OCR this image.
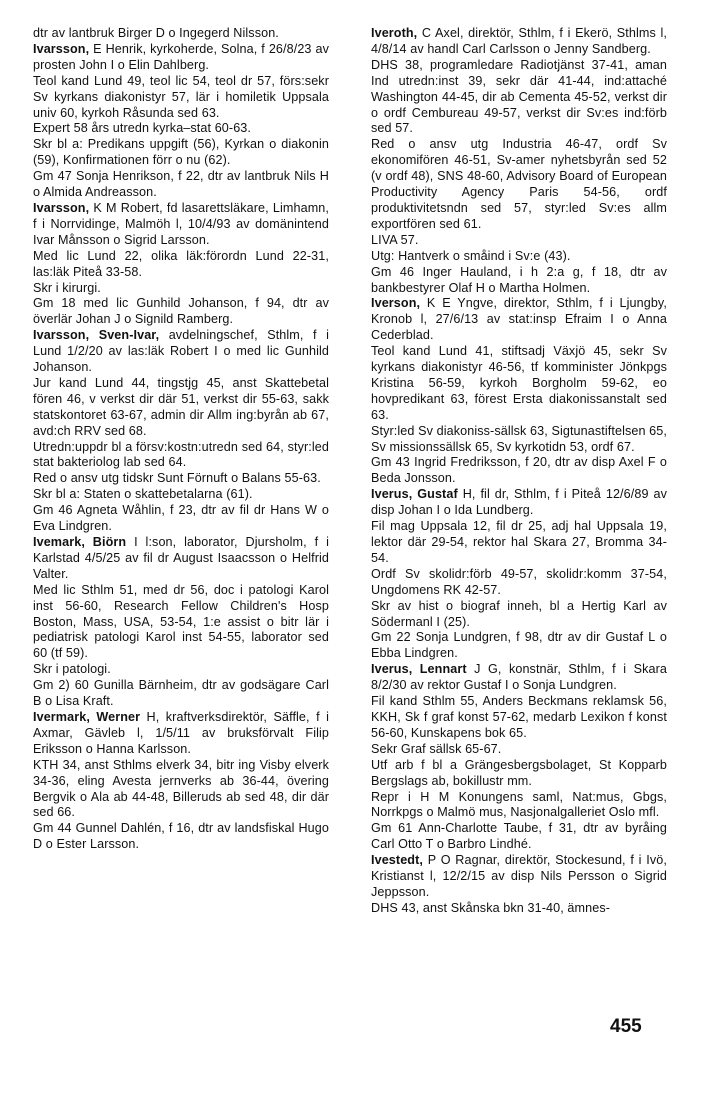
dtr av lantbruk Birger D o Ingegerd Nilsson.

Ivarsson, E Henrik, kyrkoherde, Solna, f 26/8/23 av prosten John I o Elin Dahlberg.

Teol kand Lund 49, teol lic 54, teol dr 57, förs:sekr Sv kyrkans diakonistyr 57, lär i homiletik Uppsala univ 60, kyrkoh Råsunda sed 63.

Expert 58 års utredn kyrka–stat 60-63.

Skr bl a: Predikans uppgift (56), Kyrkan o diakonin (59), Konfirmationen förr o nu (62).

Gm 47 Sonja Henrikson, f 22, dtr av lantbruk Nils H o Almida Andreasson.

Ivarsson, K M Robert, fd lasarettsläkare, Limhamn, f i Norrvidinge, Malmöh l, 10/4/93 av domänintend Ivar Månsson o Sigrid Larsson.

Med lic Lund 22, olika läk:förordn Lund 22-31, las:läk Piteå 33-58.

Skr i kirurgi.

Gm 18 med lic Gunhild Johanson, f 94, dtr av överlär Johan J o Signild Ramberg.

Ivarsson, Sven-Ivar, avdelningschef, Sthlm, f i Lund 1/2/20 av las:läk Robert I o med lic Gunhild Johanson.

Jur kand Lund 44, tingstjg 45, anst Skattebetal fören 46, v verkst dir där 51, verkst dir 55-63, sakk statskontoret 63-67, admin dir Allm ing:byrån ab 67, avd:ch RRV sed 68.

Utredn:uppdr bl a försv:kostn:utredn sed 64, styr:led stat bakteriolog lab sed 64.

Red o ansv utg tidskr Sunt Förnuft o Balans 55-63.

Skr bl a: Staten o skattebetalarna (61).

Gm 46 Agneta Wåhlin, f 23, dtr av fil dr Hans W o Eva Lindgren.

Ivemark, Biörn I l:son, laborator, Djursholm, f i Karlstad 4/5/25 av fil dr August Isaacsson o Helfrid Valter.

Med lic Sthlm 51, med dr 56, doc i patologi Karol inst 56-60, Research Fellow Children's Hosp Boston, Mass, USA, 53-54, 1:e assist o bitr lär i pediatrisk patologi Karol inst 54-55, laborator sed 60 (tf 59).

Skr i patologi.

Gm 2) 60 Gunilla Bärnheim, dtr av godsägare Carl B o Lisa Kraft.

Ivermark, Werner H, kraftverksdirektör, Säffle, f i Axmar, Gävleb l, 1/5/11 av bruksförvalt Filip Eriksson o Hanna Karlsson.

KTH 34, anst Sthlms elverk 34, bitr ing Visby elverk 34-36, eling Avesta jernverks ab 36-44, övering Bergvik o Ala ab 44-48, Billeruds ab sed 48, dir där sed 66.

Gm 44 Gunnel Dahlén, f 16, dtr av landsfiskal Hugo D o Ester Larsson.

Iveroth, C Axel, direktör, Sthlm, f i Ekerö, Sthlms l, 4/8/14 av handl Carl Carlsson o Jenny Sandberg.

DHS 38, programledare Radiotjänst 37-41, aman Ind utredn:inst 39, sekr där 41-44, ind:attaché Washington 44-45, dir ab Cementa 45-52, verkst dir o ordf Cembureau 49-57, verkst dir Sv:es ind:förb sed 57.

Red o ansv utg Industria 46-47, ordf Sv ekonomifören 46-51, Sv-amer nyhetsbyrån sed 52 (v ordf 48), SNS 48-60, Advisory Board of European Productivity Agency Paris 54-56, ordf produktivitetsndn sed 57, styr:led Sv:es allm exportfören sed 61.

LIVA 57.

Utg: Hantverk o småind i Sv:e (43).

Gm 46 Inger Hauland, i h 2:a g, f 18, dtr av bankbestyrer Olaf H o Martha Holmen.

Iverson, K E Yngve, direktor, Sthlm, f i Ljungby, Kronob l, 27/6/13 av stat:insp Efraim I o Anna Cederblad.

Teol kand Lund 41, stiftsadj Växjö 45, sekr Sv kyrkans diakonistyr 46-56, tf komminister Jönkpgs Kristina 56-59, kyrkoh Borgholm 59-62, eo hovpredikant 63, förest Ersta diakonissanstalt sed 63.

Styr:led Sv diakoniss-sällsk 63, Sigtunastiftelsen 65, Sv missionssällsk 65, Sv kyrkotidn 53, ordf 67.

Gm 43 Ingrid Fredriksson, f 20, dtr av disp Axel F o Beda Jonsson.

Iverus, Gustaf H, fil dr, Sthlm, f i Piteå 12/6/89 av disp Johan I o Ida Lundberg.

Fil mag Uppsala 12, fil dr 25, adj hal Uppsala 19, lektor där 29-54, rektor hal Skara 27, Bromma 34-54.

Ordf Sv skolidr:förb 49-57, skolidr:komm 37-54, Ungdomens RK 42-57.

Skr av hist o biograf inneh, bl a Hertig Karl av Södermanl I (25).

Gm 22 Sonja Lundgren, f 98, dtr av dir Gustaf L o Ebba Lindgren.

Iverus, Lennart J G, konstnär, Sthlm, f i Skara 8/2/30 av rektor Gustaf I o Sonja Lundgren.

Fil kand Sthlm 55, Anders Beckmans reklamsk 56, KKH, Sk f graf konst 57-62, medarb Lexikon f konst 56-60, Kunskapens bok 65.

Sekr Graf sällsk 65-67.

Utf arb f bl a Grängesbergsbolaget, St Kopparb Bergslags ab, bokillustr mm.

Repr i H M Konungens saml, Nat:mus, Gbgs, Norrkpgs o Malmö mus, Nasjonalgalleriet Oslo mfl.

Gm 61 Ann-Charlotte Taube, f 31, dtr av byråing Carl Otto T o Barbro Lindhé.

Ivestedt, P O Ragnar, direktör, Stockesund, f i Ivö, Kristianst l, 12/2/15 av disp Nils Persson o Sigrid Jeppsson.

DHS 43, anst Skånska bkn 31-40, ämnes-

455
